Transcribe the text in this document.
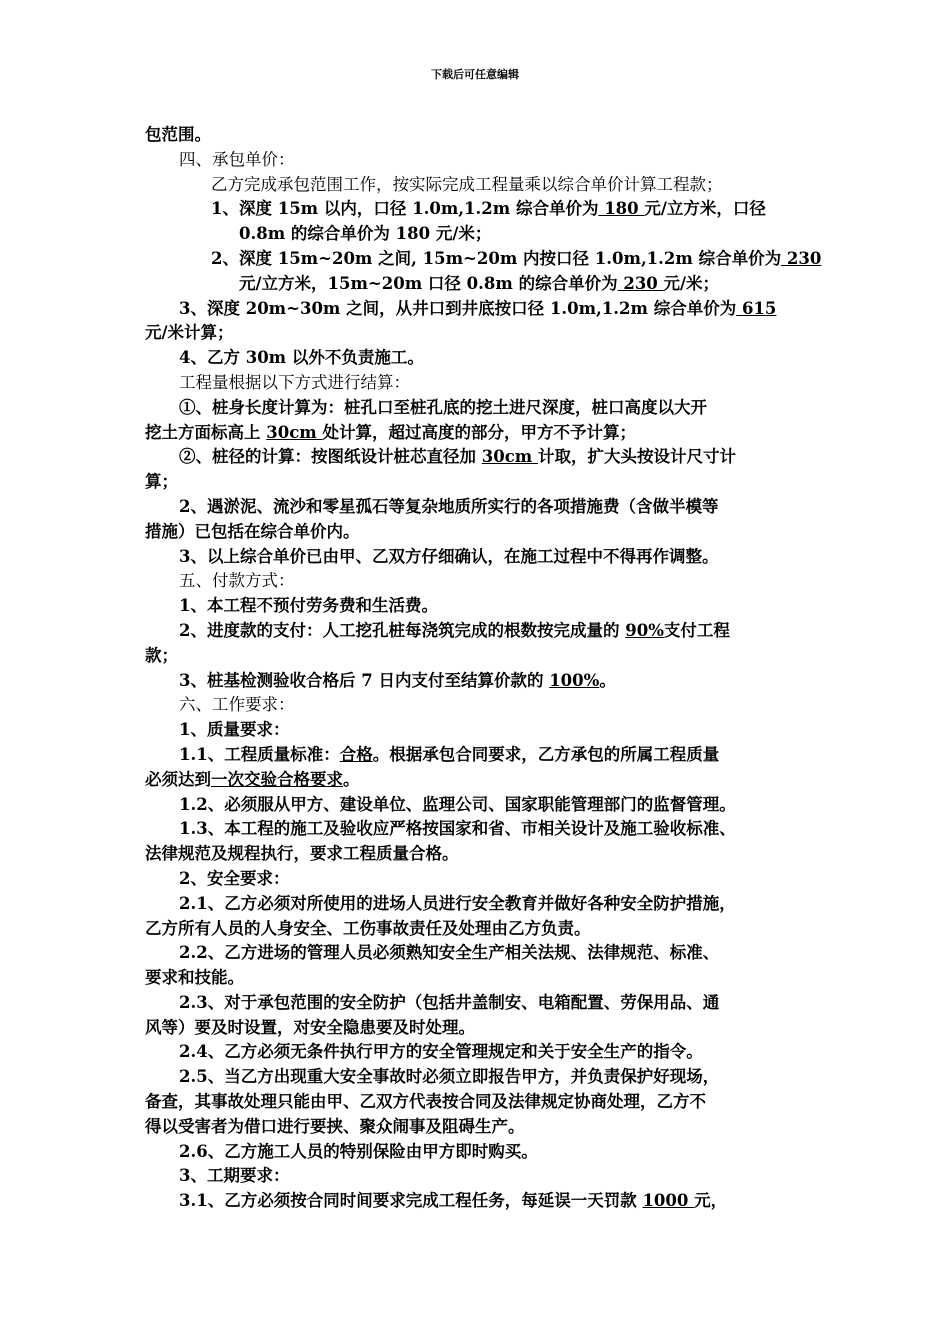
下载后可任意编辑
包范围。
四、承包单价：
乙方完成承包范围工作，按实际完成工程量乘以综合单价计算工程款；
1、深度 15m 以内，口径 1.0m,1.2m 综合单价为 180 元/立方米，口径
0.8m 的综合单价为 180 元/米；
2、深度 15m~20m 之间, 15m~20m 内按口径 1.0m,1.2m 综合单价为 230
元/立方米，15m~20m 口径 0.8m 的综合单价为 230 元/米；
3、深度 20m~30m 之间，从井口到井底按口径 1.0m,1.2m 综合单价为 615
元/米计算；
4、乙方 30m 以外不负责施工。
工程量根据以下方式进行结算：
①、桩身长度计算为：桩孔口至桩孔底的挖土进尺深度，桩口高度以大开
挖土方面标高上 30cm 处计算，超过高度的部分，甲方不予计算；
②、桩径的计算：按图纸设计桩芯直径加 30cm 计取，扩大头按设计尺寸计
算；
2、遇淤泥、流沙和零星孤石等复杂地质所实行的各项措施费（含做半模等
措施）已包括在综合单价内。
3、以上综合单价已由甲、乙双方仔细确认，在施工过程中不得再作调整。
五、付款方式：
1、本工程不预付劳务费和生活费。
2、进度款的支付：人工挖孔桩每浇筑完成的根数按完成量的 90%支付工程
款；
3、桩基检测验收合格后 7 日内支付至结算价款的 100%。
六、工作要求：
1、质量要求：
1.1、工程质量标准：合格。根据承包合同要求，乙方承包的所属工程质量
必须达到一次交验合格要求。
1.2、必须服从甲方、建设单位、监理公司、国家职能管理部门的监督管理。
1.3、本工程的施工及验收应严格按国家和省、市相关设计及施工验收标准、
法律规范及规程执行，要求工程质量合格。
2、安全要求：
2.1、乙方必须对所使用的进场人员进行安全教育并做好各种安全防护措施，
乙方所有人员的人身安全、工伤事故责任及处理由乙方负责。
2.2、乙方进场的管理人员必须熟知安全生产相关法规、法律规范、标准、
要求和技能。
2.3、对于承包范围的安全防护（包括井盖制安、电箱配置、劳保用品、通
风等）要及时设置，对安全隐患要及时处理。
2.4、乙方必须无条件执行甲方的安全管理规定和关于安全生产的指令。
2.5、当乙方出现重大安全事故时必须立即报告甲方，并负责保护好现场，
备查，其事故处理只能由甲、乙双方代表按合同及法律规定协商处理，乙方不
得以受害者为借口进行要挟、聚众闹事及阻碍生产。
2.6、乙方施工人员的特别保险由甲方即时购买。
3、工期要求：
3.1、乙方必须按合同时间要求完成工程任务，每延误一天罚款 1000 元，
